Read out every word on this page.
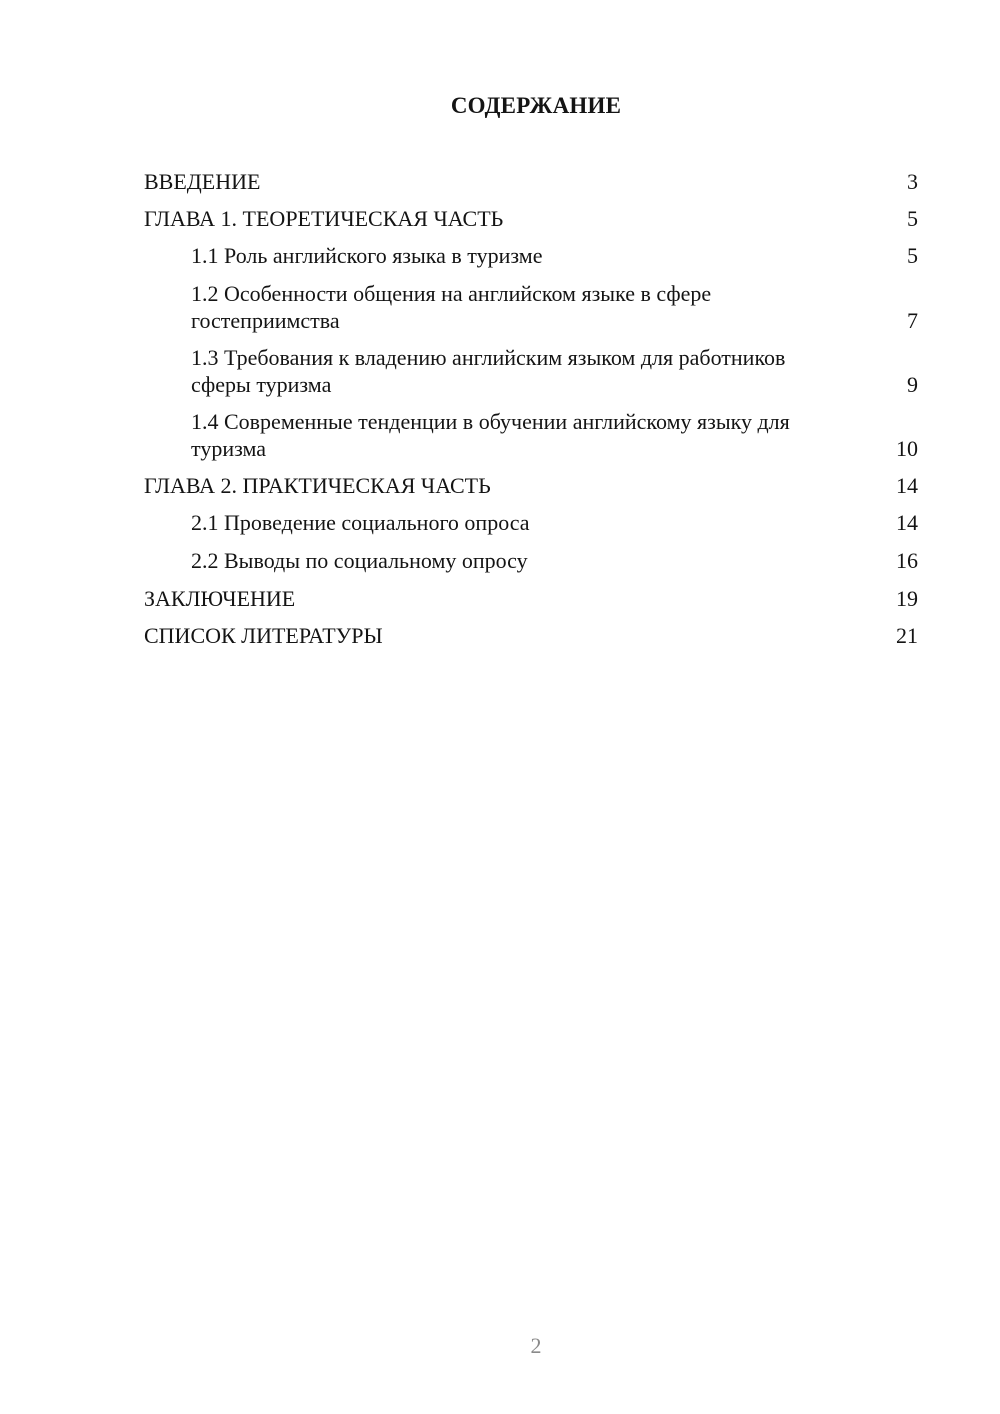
СОДЕРЖАНИЕ
ВВЕДЕНИЕ	3
ГЛАВА 1. ТЕОРЕТИЧЕСКАЯ ЧАСТЬ	5
1.1 Роль английского языка в туризме	5
1.2 Особенности общения на английском языке в сфере гостеприимства	7
1.3 Требования к владению английским языком для работников сферы туризма	9
1.4 Современные тенденции в обучении английскому языку для туризма	10
ГЛАВА 2. ПРАКТИЧЕСКАЯ ЧАСТЬ	14
2.1 Проведение социального опроса	14
2.2 Выводы по социальному опросу	16
ЗАКЛЮЧЕНИЕ	19
СПИСОК ЛИТЕРАТУРЫ	21
2
